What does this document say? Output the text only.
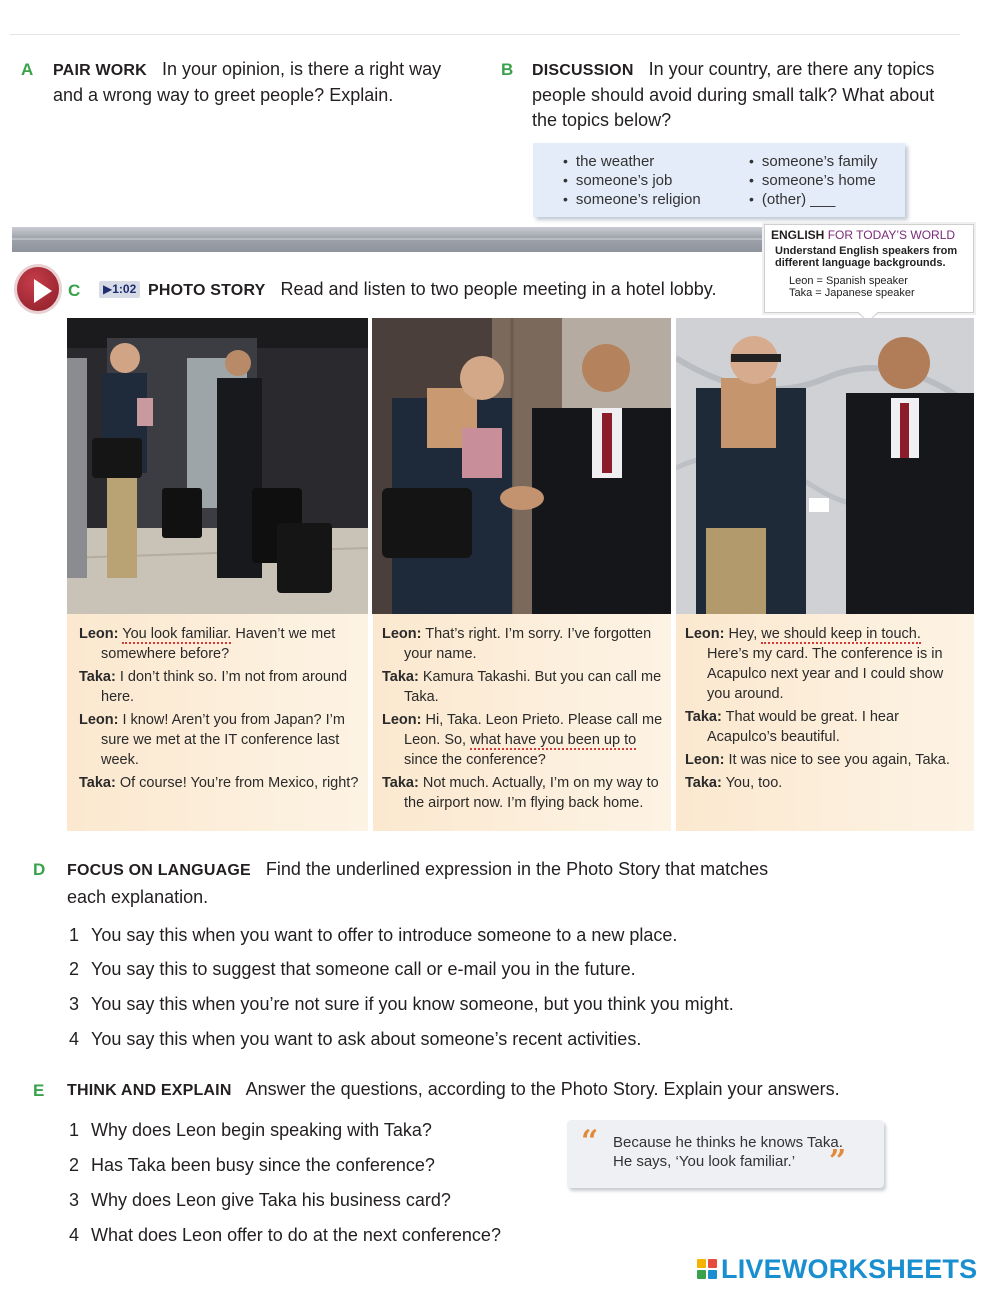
A PAIR WORK In your opinion, is there a right way
and a wrong way to greet people? Explain.
B DISCUSSION In your country, are there any topics
people should avoid during small talk? What about
the topics below?
• the weather
• someone’s job
• someone’s religion
• someone’s family
• someone’s home
• (other) ___
ENGLISH FOR TODAY’S WORLD
Understand English speakers from different language backgrounds.
Leon = Spanish speaker
Taka = Japanese speaker
C	▶1:02 PHOTO STORY Read and listen to two people meeting in a hotel lobby.

Leon: You look familiar. Haven’t we met somewhere before?

Taka: I don’t think so. I’m not from around here.

Leon: I know! Aren’t you from Japan? I’m sure we met at the IT conference last week.

Taka: Of course! You’re from Mexico, right?

Leon: That’s right. I’m sorry. I’ve forgotten your name.

Taka: Kamura Takashi. But you can call me Taka.

Leon: Hi, Taka. Leon Prieto. Please call me Leon. So, what have you been up to since the conference?

Taka: Not much. Actually, I’m on my way to the airport now. I’m flying back home.

Leon: Hey, we should keep in touch. Here’s my card. The conference is in Acapulco next year and I could show you around.

Taka: That would be great. I hear Acapulco’s beautiful.

Leon: It was nice to see you again, Taka.

Taka: You, too.

D FOCUS ON LANGUAGE Find the underlined expression in the Photo Story that matches
each explanation.
1 You say this when you want to offer to introduce someone to a new place.
2 You say this to suggest that someone call or e-mail you in the future.
3 You say this when you’re not sure if you know someone, but you think you might.
4 You say this when you want to ask about someone’s recent activities.
E THINK AND EXPLAIN Answer the questions, according to the Photo Story. Explain your answers.
1 Why does Leon begin speaking with Taka?
2 Has Taka been busy since the conference?
3 Why does Leon give Taka his business card?
4 What does Leon offer to do at the next conference?
“ Because he thinks he knows Taka.
He says, ‘You look familiar.’	”
LIVEWORKSHEETS
